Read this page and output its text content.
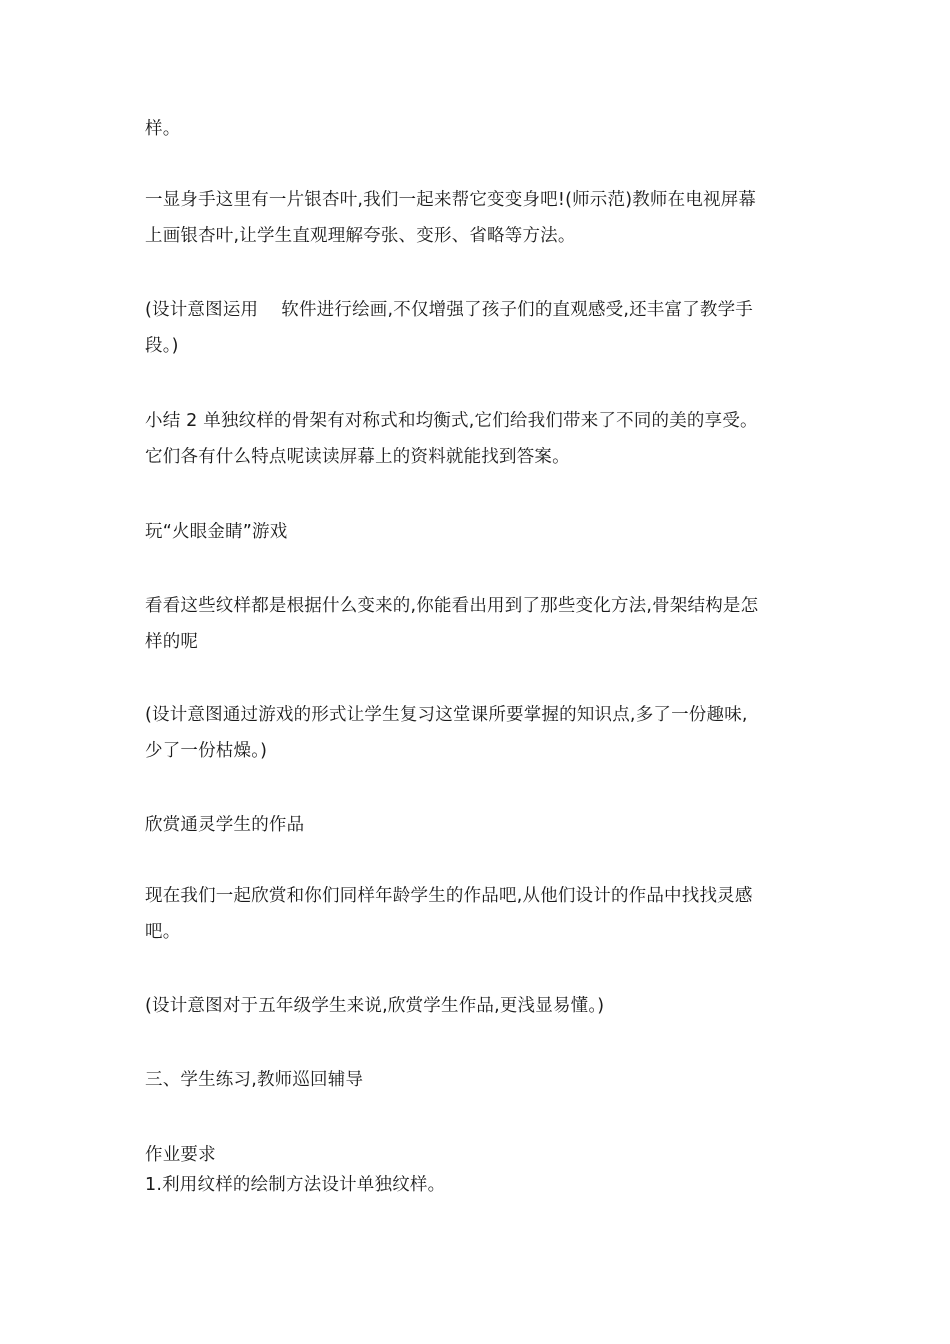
样。
一显身手这里有一片银杏叶,我们一起来帮它变变身吧!(师示范)教师在电视屏幕
上画银杏叶,让学生直观理解夸张、变形、省略等方法。
(设计意图运用    软件进行绘画,不仅增强了孩子们的直观感受,还丰富了教学手
段。)
小结 2 单独纹样的骨架有对称式和均衡式,它们给我们带来了不同的美的享受。
它们各有什么特点呢读读屏幕上的资料就能找到答案。
玩“火眼金睛”游戏
看看这些纹样都是根据什么变来的,你能看出用到了那些变化方法,骨架结构是怎
样的呢
(设计意图通过游戏的形式让学生复习这堂课所要掌握的知识点,多了一份趣味,
少了一份枯燥。)
欣赏通灵学生的作品
现在我们一起欣赏和你们同样年龄学生的作品吧,从他们设计的作品中找找灵感
吧。
(设计意图对于五年级学生来说,欣赏学生作品,更浅显易懂。)
三、学生练习,教师巡回辅导
作业要求
1.利用纹样的绘制方法设计单独纹样。
